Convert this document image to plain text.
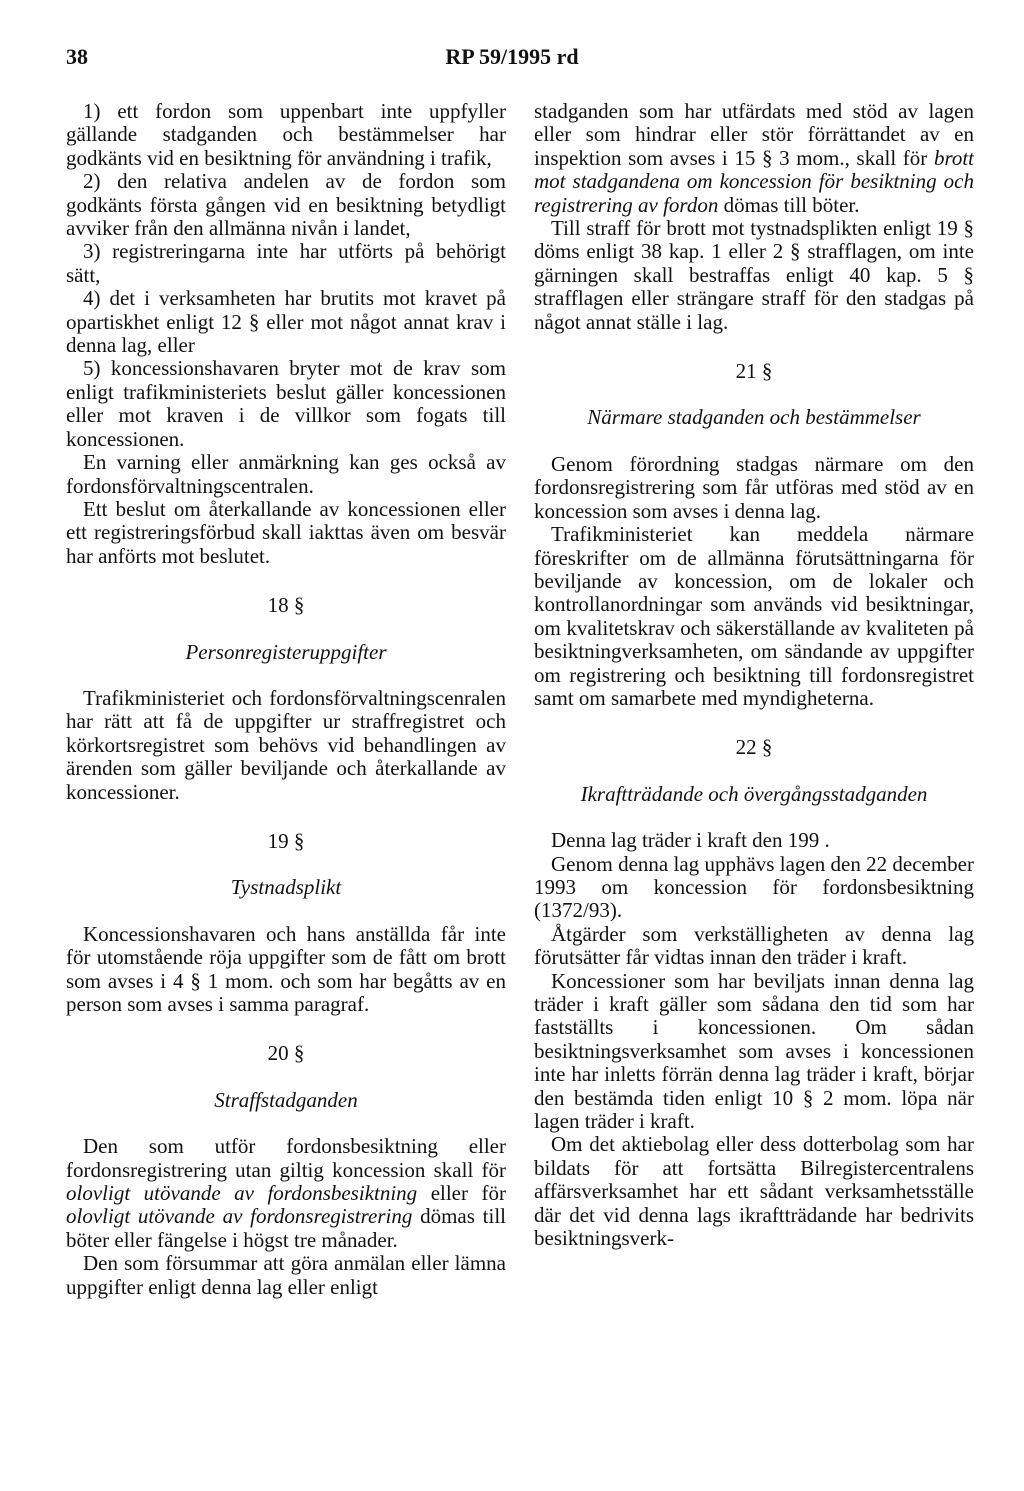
38	RP 59/1995 rd

1) ett fordon som uppenbart inte uppfyller gällande stadganden och bestämmelser har godkänts vid en besiktning för användning i trafik,

2) den relativa andelen av de fordon som godkänts första gången vid en besiktning betydligt avviker från den allmänna nivån i landet,

3) registreringarna inte har utförts på behörigt sätt,

4) det i verksamheten har brutits mot kravet på opartiskhet enligt 12 § eller mot något annat krav i denna lag, eller

5) koncessionshavaren bryter mot de krav som enligt trafikministeriets beslut gäller koncessionen eller mot kraven i de villkor som fogats till koncessionen.

En varning eller anmärkning kan ges också av fordonsförvaltningscentralen.

Ett beslut om återkallande av koncessionen eller ett registreringsförbud skall iakttas även om besvär har anförts mot beslutet.

18 §
Personregisteruppgifter

Trafikministeriet och fordonsförvaltningscenralen har rätt att få de uppgifter ur straffregistret och körkortsregistret som behövs vid behandlingen av ärenden som gäller beviljande och återkallande av koncessioner.

19 §
Tystnadsplikt

Koncessionshavaren och hans anställda får inte för utomstående röja uppgifter som de fått om brott som avses i 4 § 1 mom. och som har begåtts av en person som avses i samma paragraf.

20 §
Straffstadganden

Den som utför fordonsbesiktning eller fordonsregistrering utan giltig koncession skall för olovligt utövande av fordonsbesiktning eller för olovligt utövande av fordonsregistrering dömas till böter eller fängelse i högst tre månader.

Den som försummar att göra anmälan eller lämna uppgifter enligt denna lag eller enligt

stadganden som har utfärdats med stöd av lagen eller som hindrar eller stör förrättandet av en inspektion som avses i 15 § 3 mom., skall för brott mot stadgandena om koncession för besiktning och registrering av fordon dömas till böter.

Till straff för brott mot tystnadsplikten enligt 19 § döms enligt 38 kap. 1 eller 2 § strafflagen, om inte gärningen skall bestraffas enligt 40 kap. 5 § strafflagen eller strängare straff för den stadgas på något annat ställe i lag.

21 §
Närmare stadganden och bestämmelser

Genom förordning stadgas närmare om den fordonsregistrering som får utföras med stöd av en koncession som avses i denna lag.

Trafikministeriet kan meddela närmare föreskrifter om de allmänna förutsättningarna för beviljande av koncession, om de lokaler och kontrollanordningar som används vid besiktningar, om kvalitetskrav och säkerställande av kvaliteten på besiktningverksamheten, om sändande av uppgifter om registrering och besiktning till fordonsregistret samt om samarbete med myndigheterna.

22 §
Ikraftträdande och övergångsstadganden

Denna lag träder i kraft den 199 .

Genom denna lag upphävs lagen den 22 december 1993 om koncession för fordonsbesiktning (1372/93).

Åtgärder som verkställigheten av denna lag förutsätter får vidtas innan den träder i kraft.

Koncessioner som har beviljats innan denna lag träder i kraft gäller som sådana den tid som har fastställts i koncessionen. Om sådan besiktningsverksamhet som avses i koncessionen inte har inletts förrän denna lag träder i kraft, börjar den bestämda tiden enligt 10 § 2 mom. löpa när lagen träder i kraft.

Om det aktiebolag eller dess dotterbolag som har bildats för att fortsätta Bilregistercentralens affärsverksamhet har ett sådant verksamhetsställe där det vid denna lags ikraftträdande har bedrivits besiktningsverk-
